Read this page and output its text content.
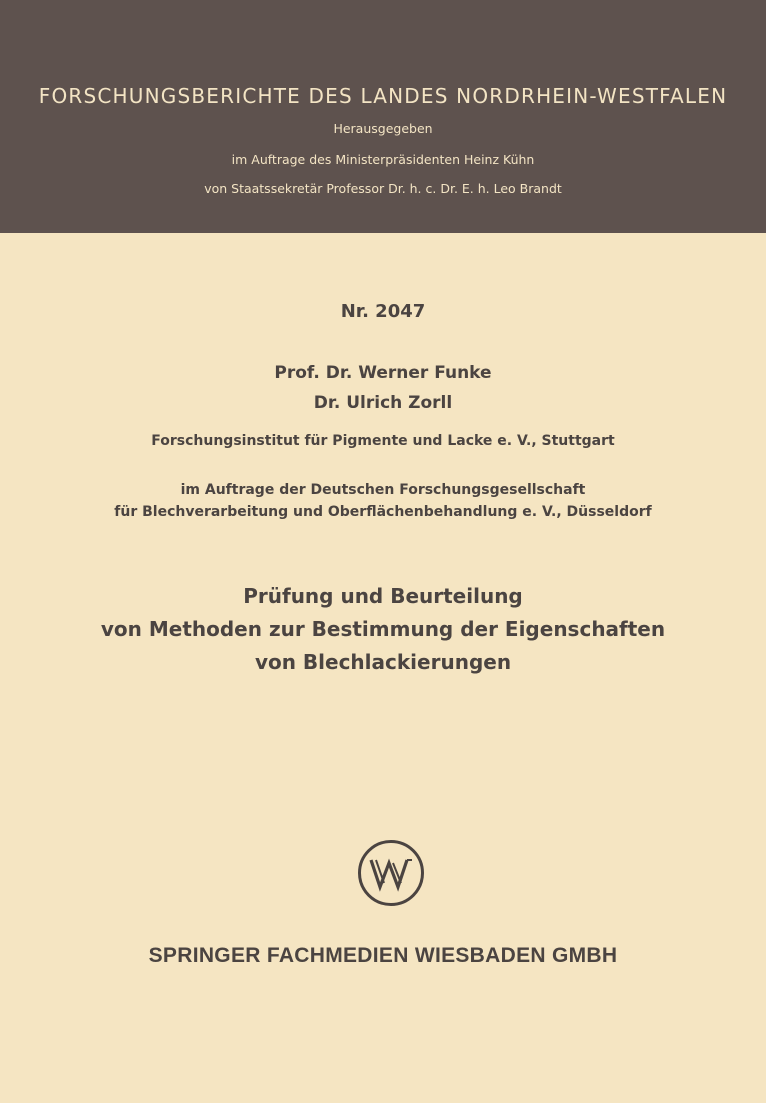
FORSCHUNGSBERICHTE DES LANDES NORDRHEIN-WESTFALEN
Herausgegeben
im Auftrage des Ministerpräsidenten Heinz Kühn
von Staatssekretär Professor Dr. h. c. Dr. E. h. Leo Brandt
Nr. 2047
Prof. Dr. Werner Funke
Dr. Ulrich Zorll
Forschungsinstitut für Pigmente und Lacke e. V., Stuttgart
im Auftrage der Deutschen Forschungsgesellschaft
für Blechverarbeitung und Oberflächenbehandlung e. V., Düsseldorf
Prüfung und Beurteilung
von Methoden zur Bestimmung der Eigenschaften
von Blechlackierungen
SPRINGER FACHMEDIEN WIESBADEN GMBH
